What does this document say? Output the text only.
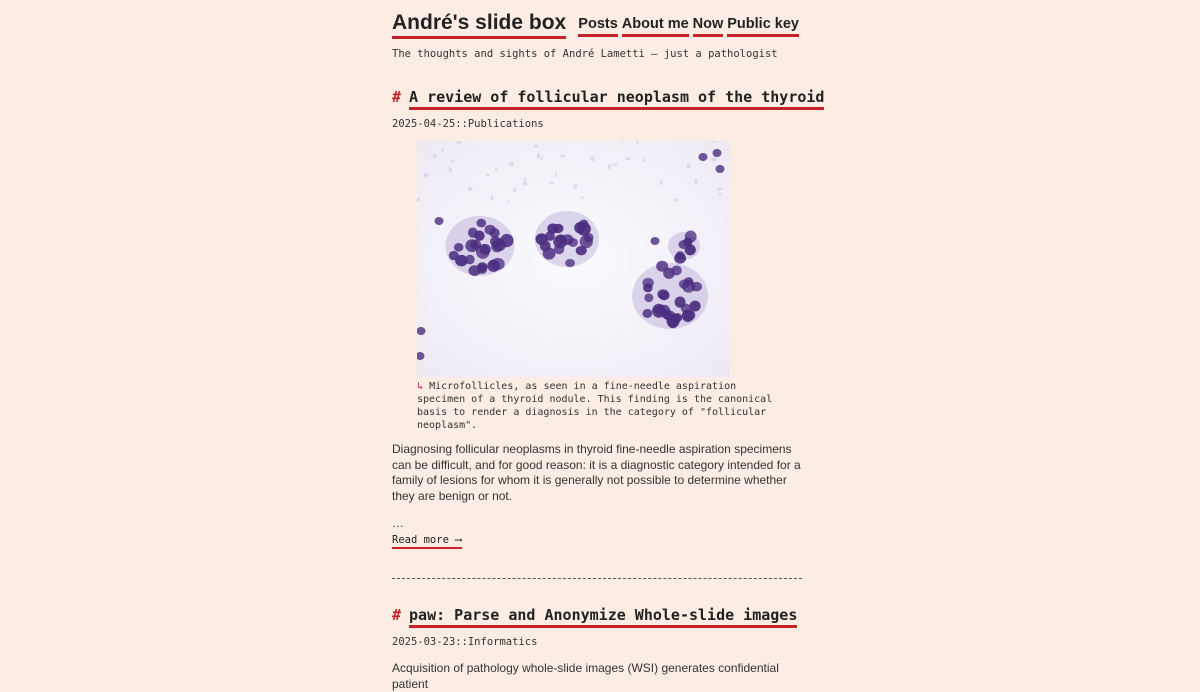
André's slide box Posts About me Now Public key
The thoughts and sights of André Lametti — just a pathologist
# A review of follicular neoplasm of the thyroid
2025-04-25::Publications
↳ Microfollicles, as seen in a fine-needle aspiration specimen of a thyroid nodule. This finding is the canonical basis to render a diagnosis in the category of "follicular neoplasm".
Diagnosing follicular neoplasms in thyroid fine-needle aspiration specimens can be difficult, and for good reason: it is a diagnostic category intended for a family of lesions for whom it is generally not possible to determine whether they are benign or not.
…
Read more ⟶
# paw: Parse and Anonymize Whole-slide images
2025-03-23::Informatics
Acquisition of pathology whole-slide images (WSI) generates confidential patient
